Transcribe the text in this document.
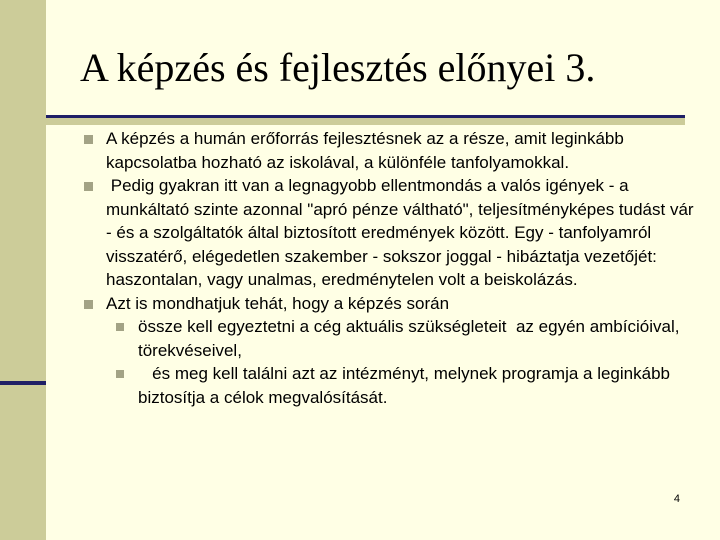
A képzés és fejlesztés előnyei 3.
A képzés a humán erőforrás fejlesztésnek az a része, amit leginkább kapcsolatba hozható az iskolával, a különféle tanfolyamokkal.
Pedig gyakran itt van a legnagyobb ellentmondás a valós igények - a munkáltató szinte azonnal "apró pénze váltható", teljesítményképes tudást vár - és a szolgáltatók által biztosított eredmények között. Egy - tanfolyamról visszatérő, elégedetlen szakember - sokszor joggal - hibáztatja vezetőjét: haszontalan, vagy unalmas, eredménytelen volt a beiskolázás.
Azt is mondhatjuk tehát, hogy a képzés során
össze kell egyeztetni a cég aktuális szükségleteit  az egyén ambícióival, törekvéseivel,
és meg kell találni azt az intézményt, melynek programja a leginkább biztosítja a célok megvalósítását.
4
